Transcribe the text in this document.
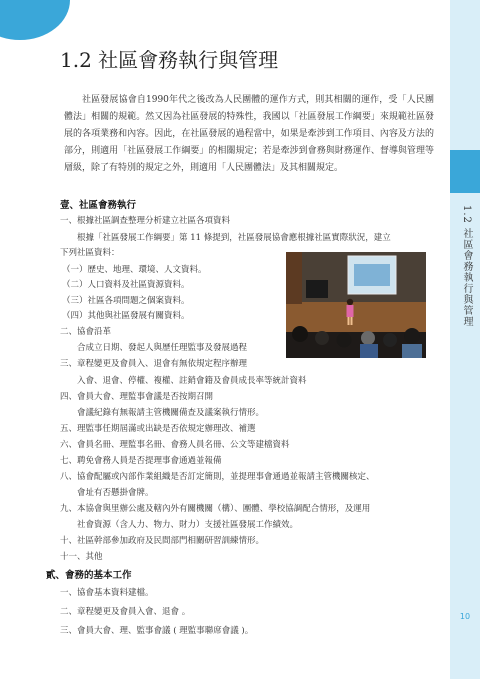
1.2 社區會務執行與管理
10
1.2 社區會務執行與管理

社區發展協會自1990年代之後改為人民團體的運作方式，則其相關的運作，受「人民團體法」相關的規範。然又因為社區發展的特殊性，我國以「社區發展工作綱要」來規範社區發展的各項業務和內容。因此，在社區發展的過程當中，如果是牽涉到工作項目、內容及方法的部分，則適用「社區發展工作綱要」的相關規定；若是牽涉到會務與財務運作、督導與管理等層級，除了有特別的規定之外，則適用「人民團體法」及其相關規定。

壹、社區會務執行
一、根據社區調查整理分析建立社區各項資料
　　根據「社區發展工作綱要」第 11 條提到，社區發展協會應根據社區實際狀況，建立
下列社區資料：
（一）歷史、地理、環境、人文資料。
（二）人口資料及社區資源資料。
（三）社區各項問題之個案資料。
（四）其他與社區發展有關資料。
二、協會沿革
　　合成立日期、發起人與歷任理監事及發展過程
三、章程變更及會員入、退會有無依規定程序辦理
　　入會、退會、停權、複權、註銷會籍及會員成長率等統計資料
四、會員大會、理監事會議是否按期召開
　　會議紀錄有無報請主管機關備查及議案執行情形。
五、理監事任期屆滿或出缺是否依規定辦理改、補選
六、會員名冊、理監事名冊、會務人員名冊、公文等建檔資料
七、聘免會務人員是否提理事會通過並報備
八、協會配屬或內部作業組織是否訂定簡則，並提理事會通過並報請主管機關核定、
　　會址有否懸掛會牌。
九、本協會與里辦公處及轄內外有關機關（構）、團體、學校協調配合情形，及運用
　　社會資源（含人力、物力、財力）支援社區發展工作績效。
十、社區幹部參加政府及民間部門相關研習訓練情形。
十一、其他
貳、會務的基本工作
一、協會基本資料建檔。
二、章程變更及會員入會、退會 。
三、會員大會、理、監事會議 ( 理監事聯席會議 )。
